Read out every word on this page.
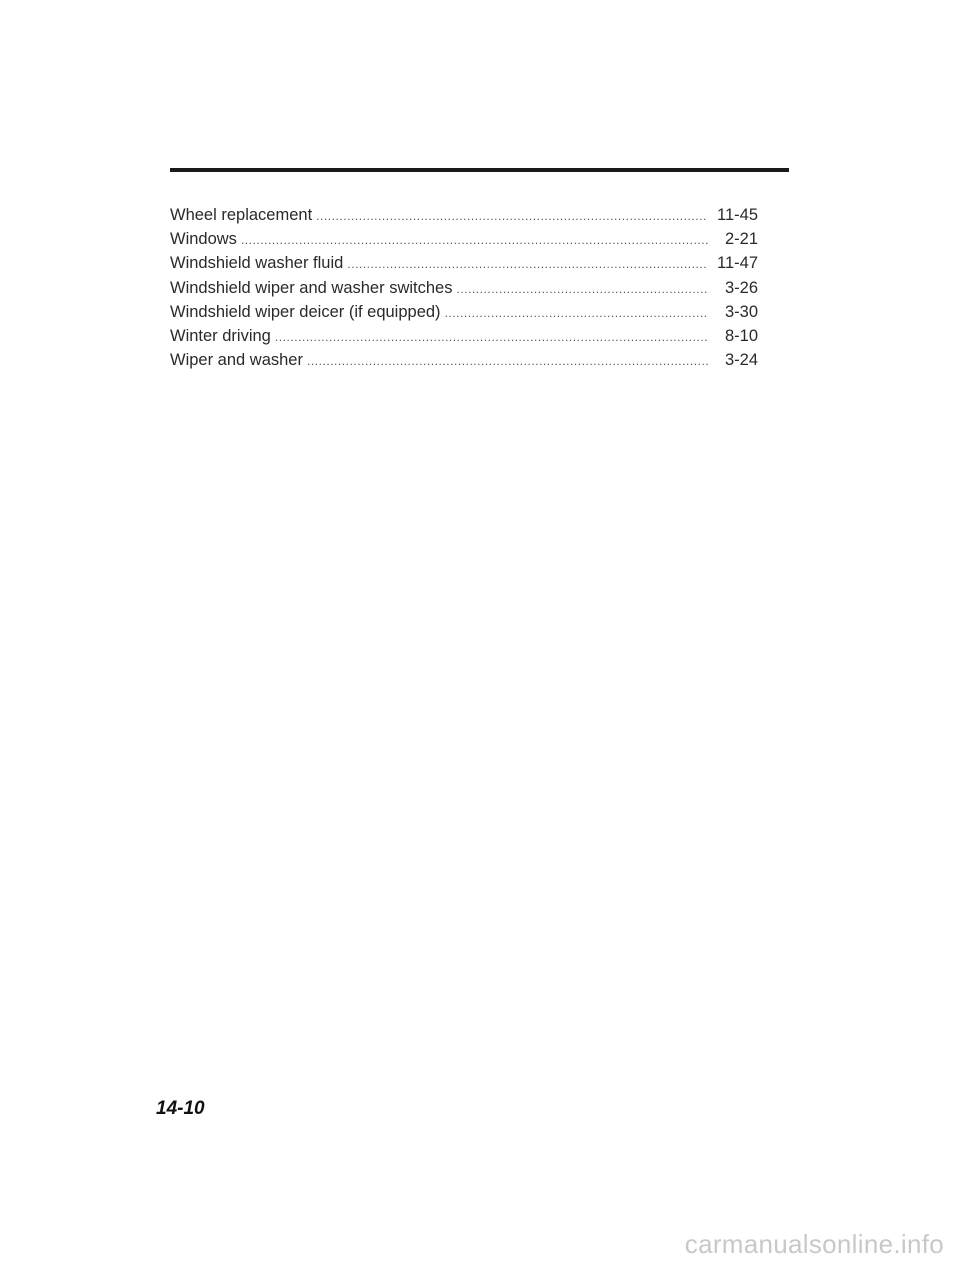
Wheel replacement . . .	11-45
Windows . . .	2-21
Windshield washer fluid . . .	11-47
Windshield wiper and washer switches . . .	3-26
Windshield wiper deicer (if equipped) . . .	3-30
Winter driving . . .	8-10
Wiper and washer . . .	3-24

14-10

carmanualsonline.info
